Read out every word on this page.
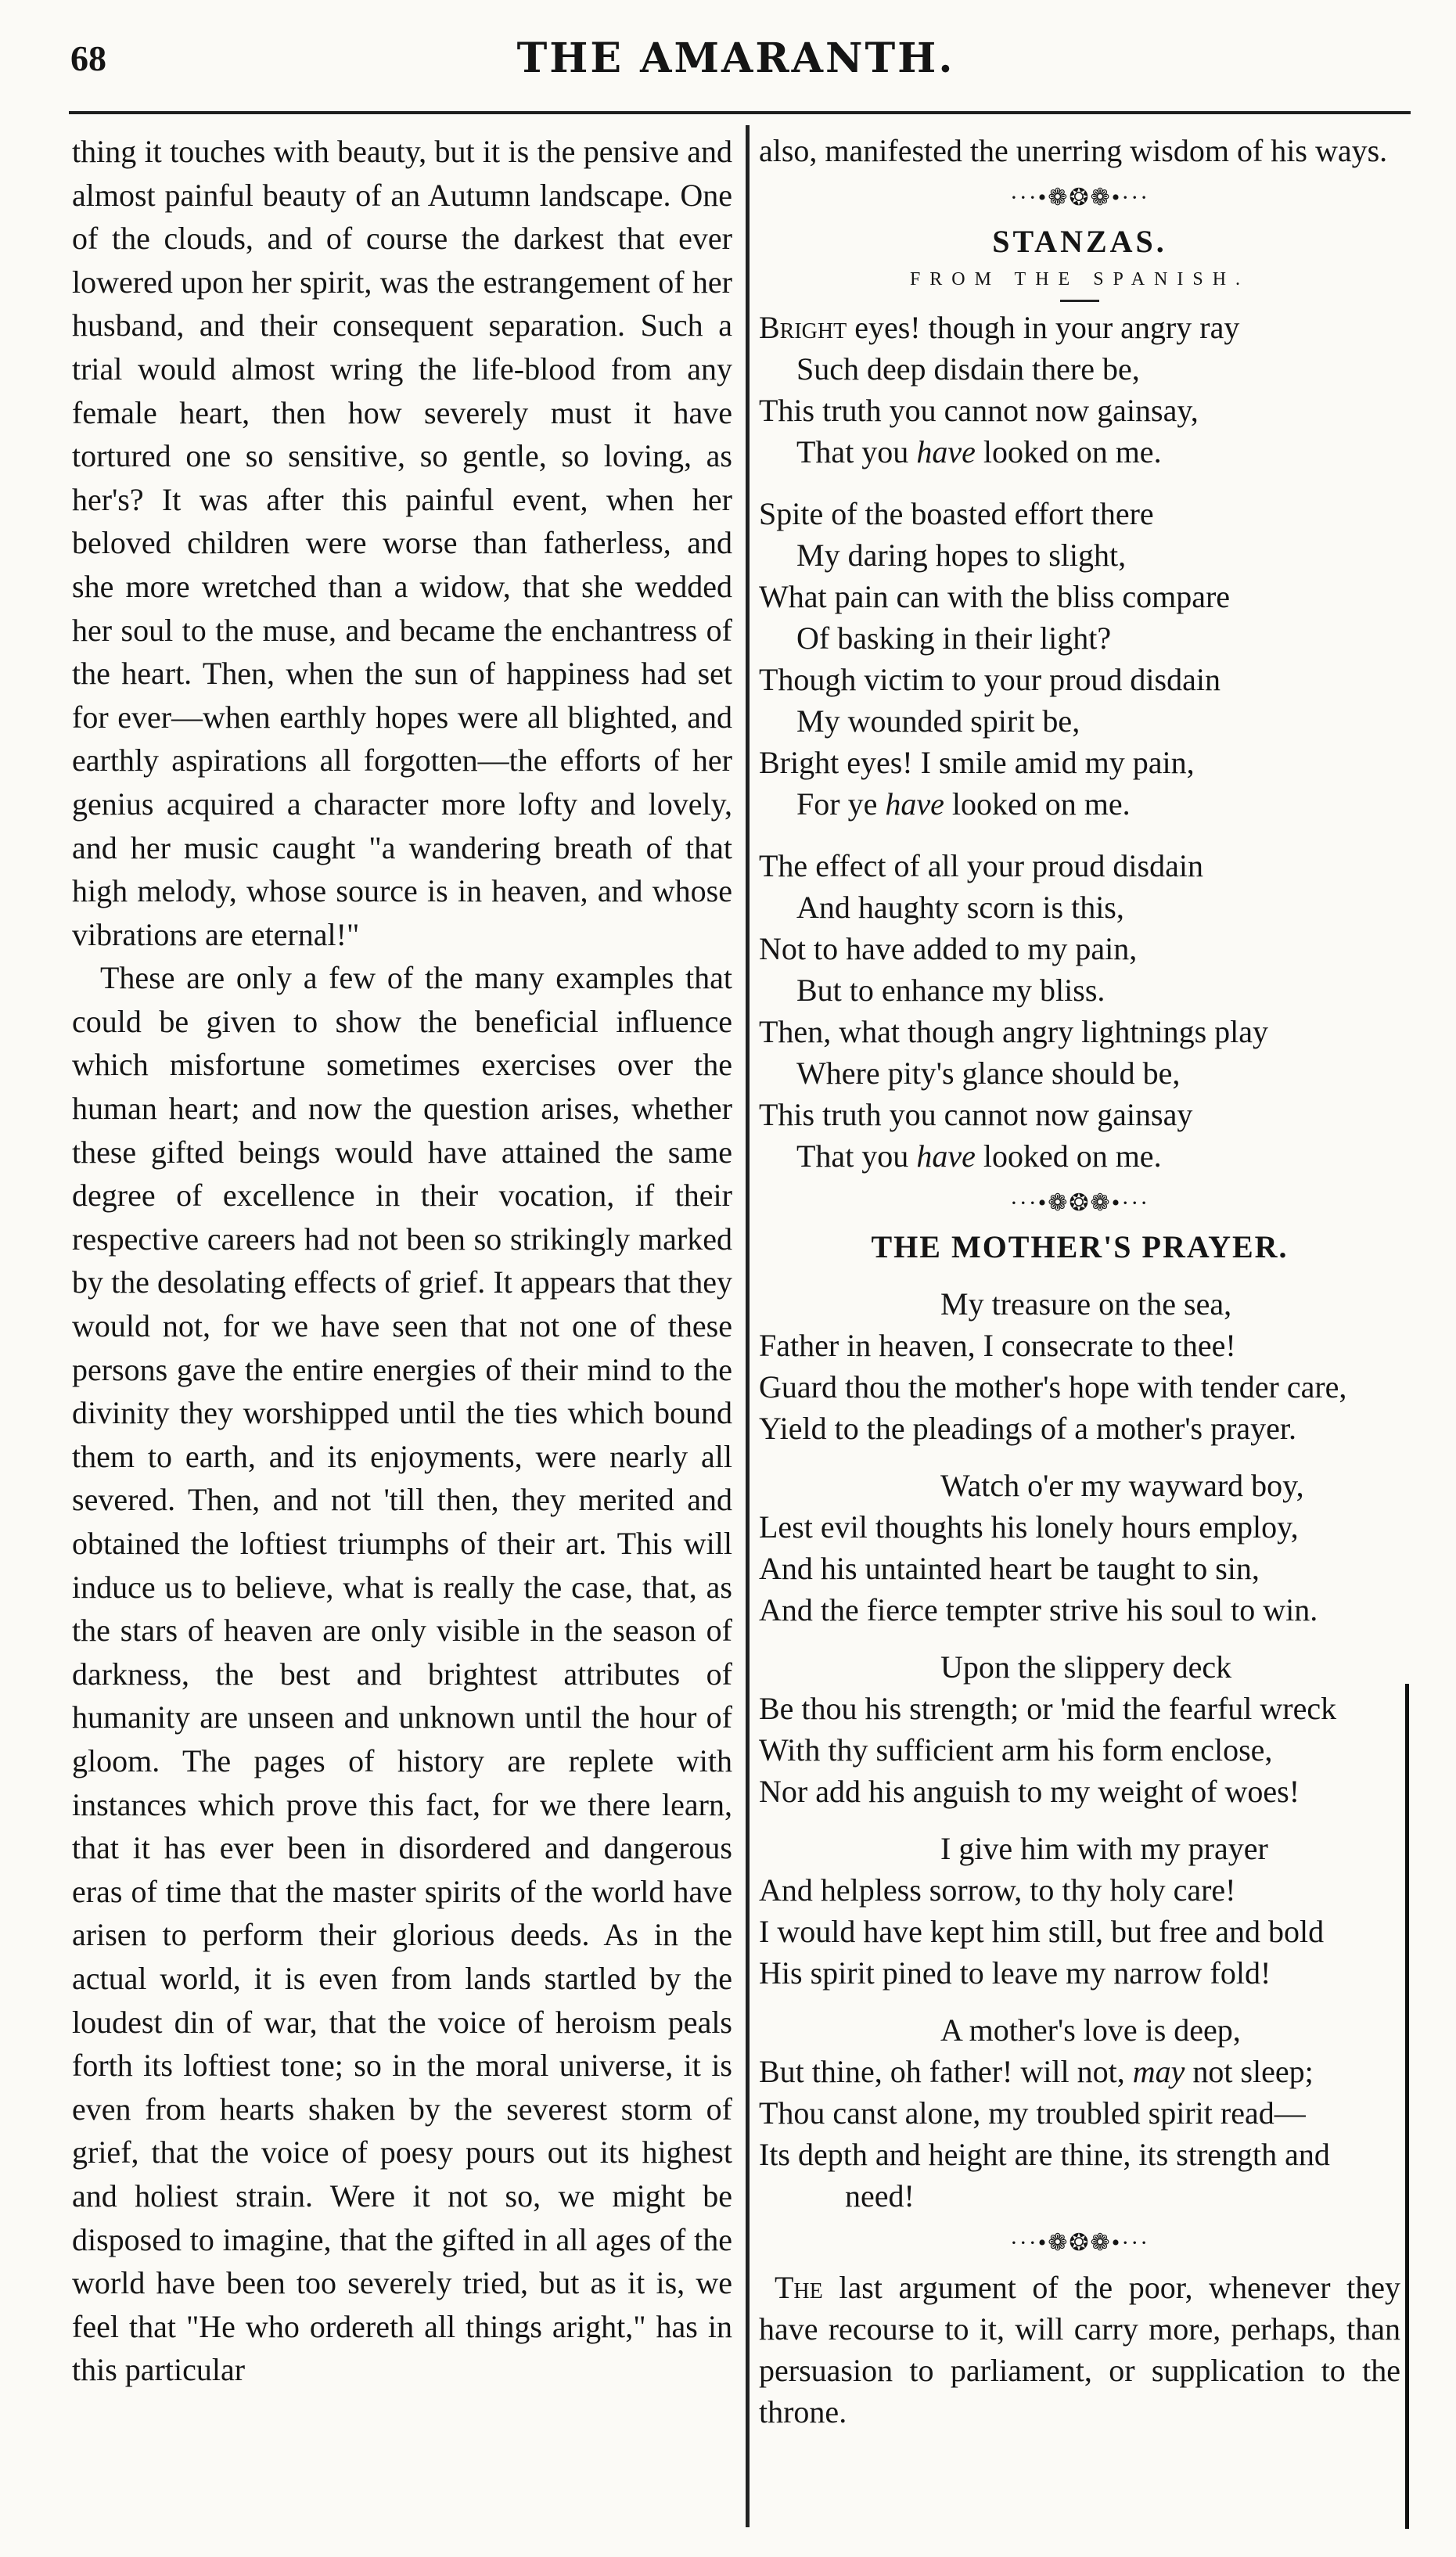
68	THE AMARANTH.

thing it touches with beauty, but it is the pensive and almost painful beauty of an Autumn landscape. One of the clouds, and of course the darkest that ever lowered upon her spirit, was the estrangement of her husband, and their consequent separation. Such a trial would almost wring the life-blood from any female heart, then how severely must it have tortured one so sensitive, so gentle, so loving, as her's? It was after this painful event, when her beloved children were worse than fatherless, and she more wretched than a widow, that she wedded her soul to the muse, and became the enchantress of the heart. Then, when the sun of happiness had set for ever—when earthly hopes were all blighted, and earthly aspirations all forgotten—the efforts of her genius acquired a character more lofty and lovely, and her music caught "a wandering breath of that high melody, whose source is in heaven, and whose vibrations are eternal!"

These are only a few of the many examples that could be given to show the beneficial influence which misfortune sometimes exercises over the human heart; and now the question arises, whether these gifted beings would have attained the same degree of excellence in their vocation, if their respective careers had not been so strikingly marked by the desolating effects of grief. It appears that they would not, for we have seen that not one of these persons gave the entire energies of their mind to the divinity they worshipped until the ties which bound them to earth, and its enjoyments, were nearly all severed. Then, and not 'till then, they merited and obtained the loftiest triumphs of their art. This will induce us to believe, what is really the case, that, as the stars of heaven are only visible in the season of darkness, the best and brightest attributes of humanity are unseen and unknown until the hour of gloom. The pages of history are replete with instances which prove this fact, for we there learn, that it has ever been in disordered and dangerous eras of time that the master spirits of the world have arisen to perform their glorious deeds. As in the actual world, it is even from lands startled by the loudest din of war, that the voice of heroism peals forth its loftiest tone; so in the moral universe, it is even from hearts shaken by the severest storm of grief, that the voice of poesy pours out its highest and holiest strain. Were it not so, we might be disposed to imagine, that the gifted in all ages of the world have been too severely tried, but as it is, we feel that "He who ordereth all things aright," has in this particular

also, manifested the unerring wisdom of his ways.

···•❁❂❁•···
STANZAS.
FROM THE SPANISH.
Bright eyes! though in your angry ray
Such deep disdain there be,
This truth you cannot now gainsay,
That you have looked on me.
Spite of the boasted effort there
My daring hopes to slight,
What pain can with the bliss compare
Of basking in their light?
Though victim to your proud disdain
My wounded spirit be,
Bright eyes! I smile amid my pain,
For ye have looked on me.
The effect of all your proud disdain
And haughty scorn is this,
Not to have added to my pain,
But to enhance my bliss.
Then, what though angry lightnings play
Where pity's glance should be,
This truth you cannot now gainsay
That you have looked on me.
···•❁❂❁•···
THE MOTHER'S PRAYER.
My treasure on the sea,
Father in heaven, I consecrate to thee!
Guard thou the mother's hope with tender care,
Yield to the pleadings of a mother's prayer.
Watch o'er my wayward boy,
Lest evil thoughts his lonely hours employ,
And his untainted heart be taught to sin,
And the fierce tempter strive his soul to win.
Upon the slippery deck
Be thou his strength; or 'mid the fearful wreck
With thy sufficient arm his form enclose,
Nor add his anguish to my weight of woes!
I give him with my prayer
And helpless sorrow, to thy holy care!
I would have kept him still, but free and bold
His spirit pined to leave my narrow fold!
A mother's love is deep,
But thine, oh father! will not, may not sleep;
Thou canst alone, my troubled spirit read—
Its depth and height are thine, its strength and
need!
···•❁❂❁•···

The last argument of the poor, whenever they have recourse to it, will carry more, perhaps, than persuasion to parliament, or supplication to the throne.
